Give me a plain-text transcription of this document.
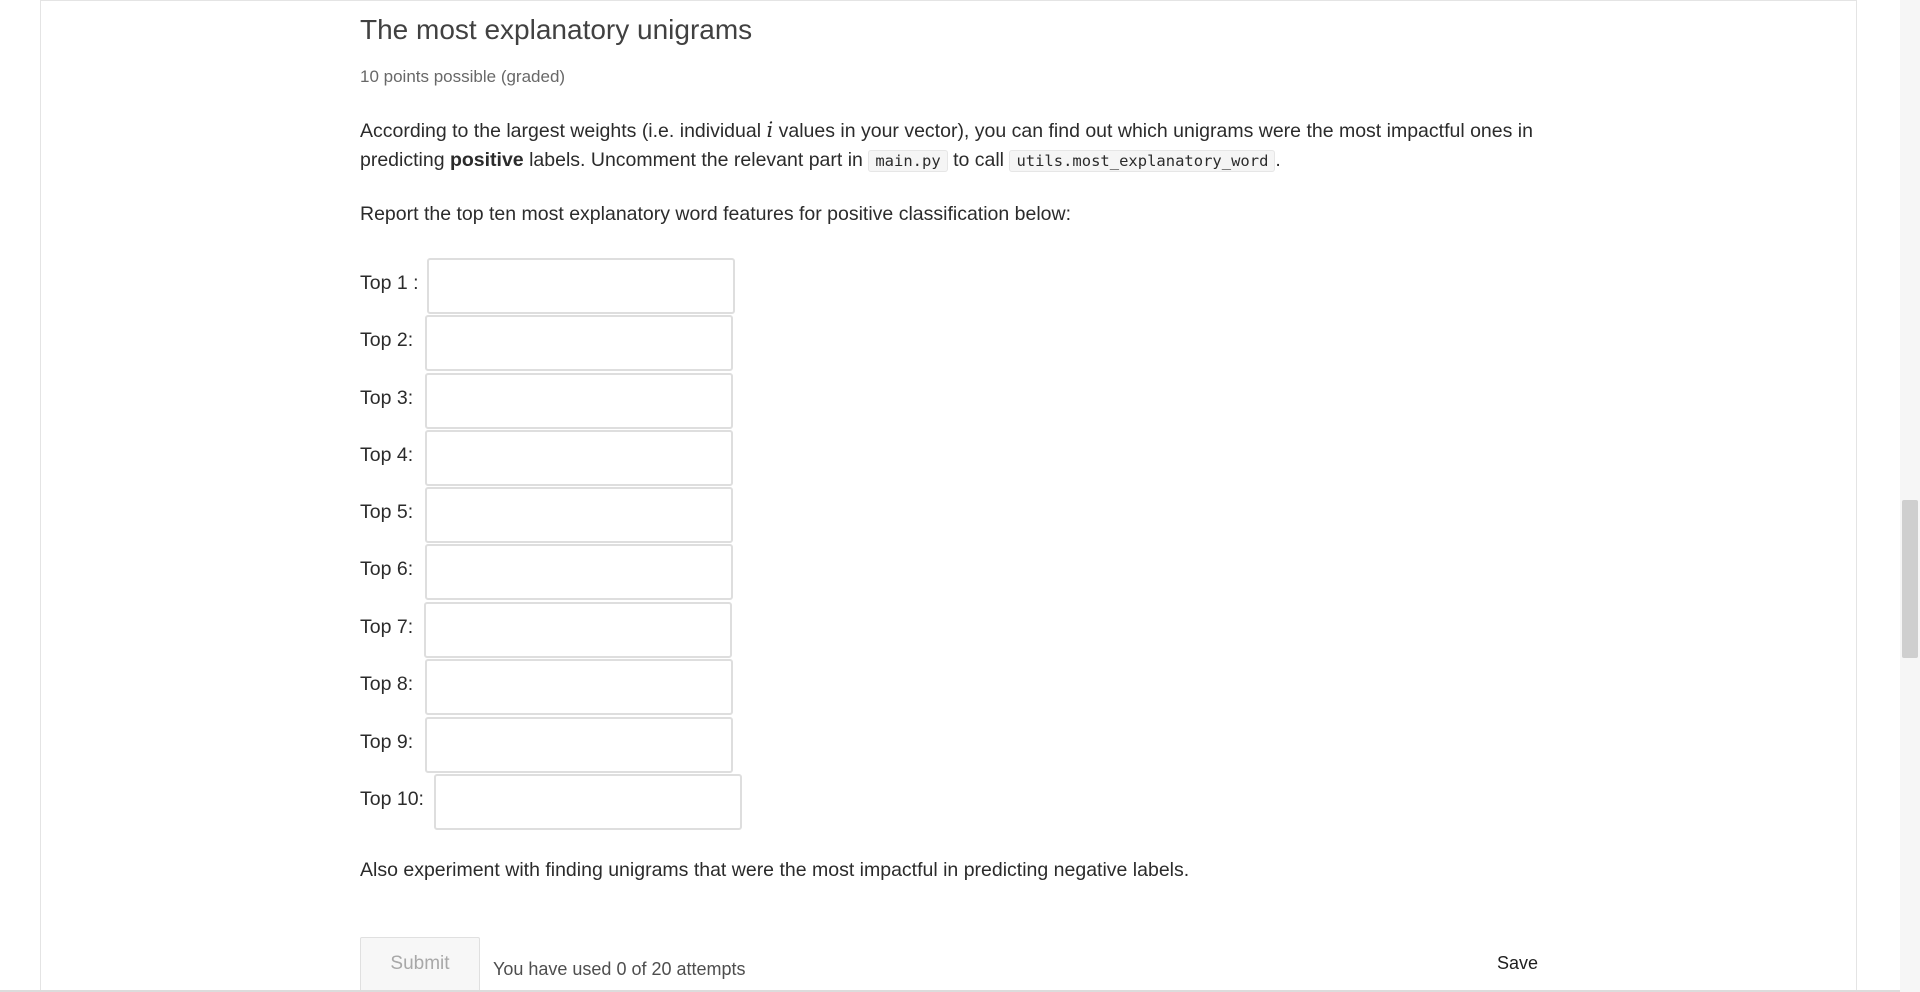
The most explanatory unigrams
10 points possible (graded)

According to the largest weights (i.e. individual i values in your vector), you can find out which unigrams were the most impactful ones in predicting positive labels. Uncomment the relevant part in main.py to call utils.most_explanatory_word .

Report the top ten most explanatory word features for positive classification below:

Top 1 :
Top 2:
Top 3:
Top 4:
Top 5:
Top 6:
Top 7:
Top 8:
Top 9:
Top 10:

Also experiment with finding unigrams that were the most impactful in predicting negative labels.

Submit	You have used 0 of 20 attempts	Save
